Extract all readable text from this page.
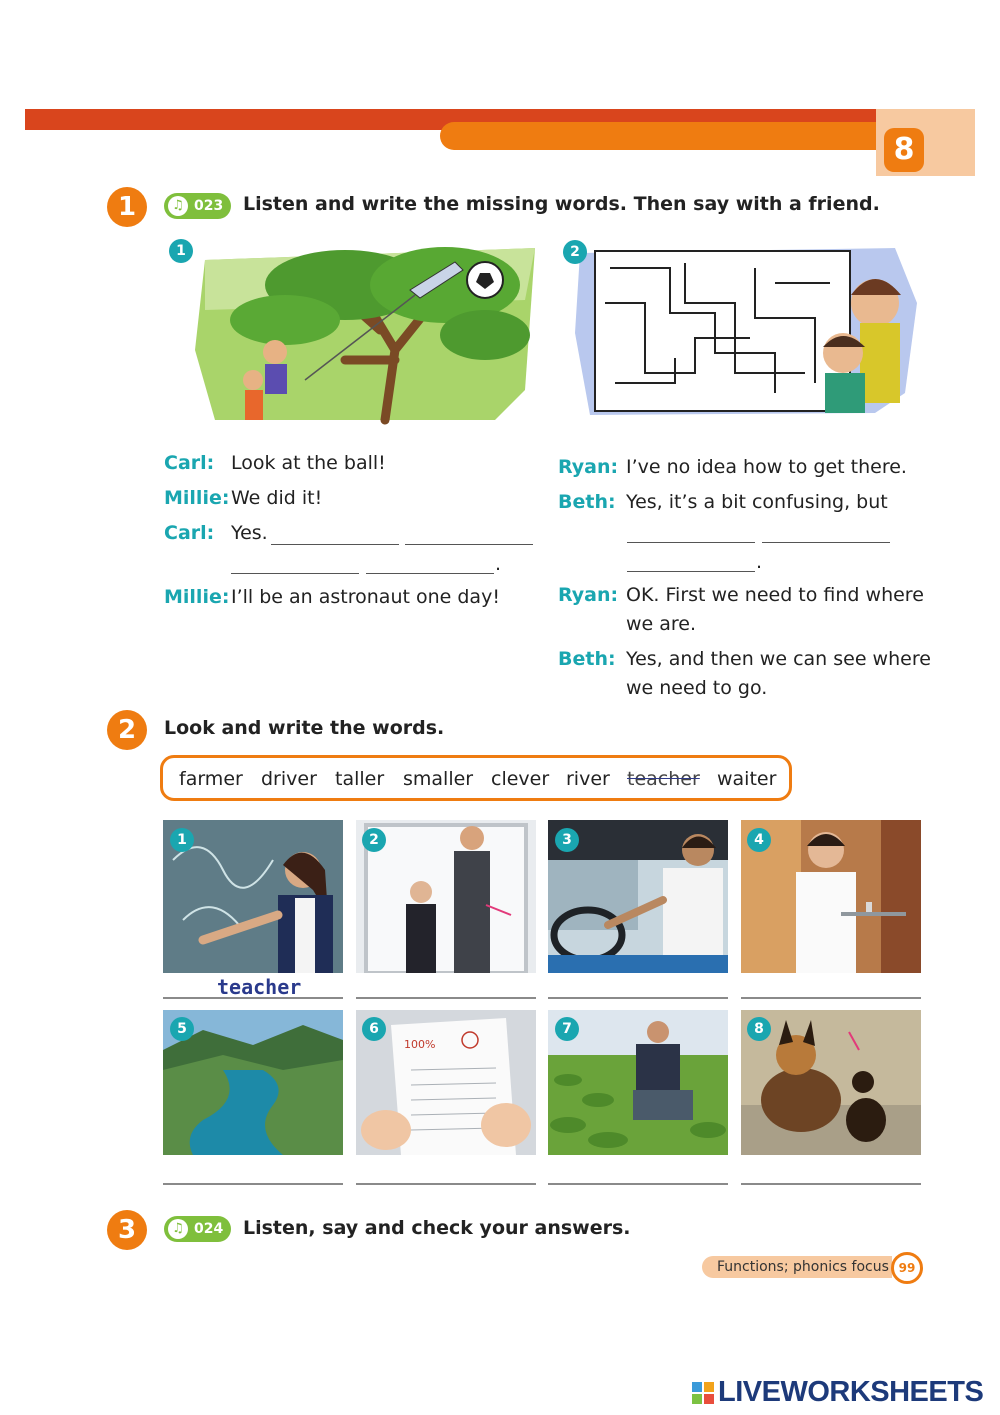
8
1	♫ 023 Listen and write the missing words. Then say with a friend.
1	2
Carl: Look at the ball!
Millie: We did it!
Carl: Yes.
.
Millie: I’ll be an astronaut one day!
Ryan: I’ve no idea how to get there.
Beth: Yes, it’s a bit confusing, but
.
Ryan: OK. First we need to find where
we are.
Beth: Yes, and then we can see where
we need to go.
2	Look and write the words.
farmer driver taller smaller clever river teacher waiter
1	2	3	4
teacher
5
100%
6	7	8
3	♫ 024 Listen, say and check your answers.
Functions; phonics focus 99
LIVEWORKSHEETS
